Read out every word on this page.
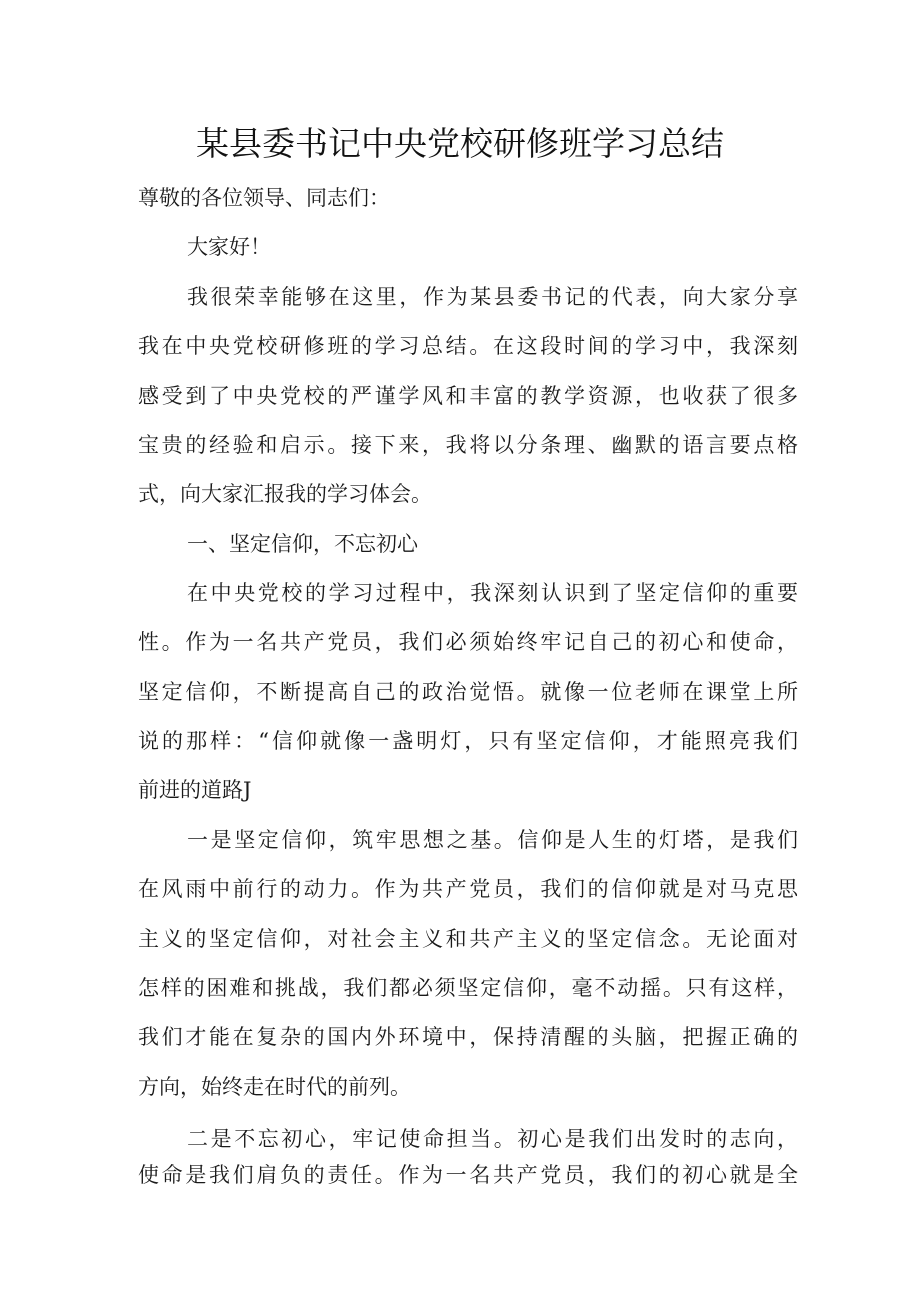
某县委书记中央党校研修班学习总结

尊敬的各位领导、同志们：

大家好！

我很荣幸能够在这里，作为某县委书记的代表，向大家分享

我在中央党校研修班的学习总结。在这段时间的学习中，我深刻

感受到了中央党校的严谨学风和丰富的教学资源，也收获了很多

宝贵的经验和启示。接下来，我将以分条理、幽默的语言要点格

式，向大家汇报我的学习体会。

一、坚定信仰，不忘初心

在中央党校的学习过程中，我深刻认识到了坚定信仰的重要

性。作为一名共产党员，我们必须始终牢记自己的初心和使命，

坚定信仰，不断提高自己的政治觉悟。就像一位老师在课堂上所

说的那样：“信仰就像一盏明灯，只有坚定信仰，才能照亮我们

前进的道路J

一是坚定信仰，筑牢思想之基。信仰是人生的灯塔，是我们

在风雨中前行的动力。作为共产党员，我们的信仰就是对马克思

主义的坚定信仰，对社会主义和共产主义的坚定信念。无论面对

怎样的困难和挑战，我们都必须坚定信仰，毫不动摇。只有这样，

我们才能在复杂的国内外环境中，保持清醒的头脑，把握正确的

方向，始终走在时代的前列。

二是不忘初心，牢记使命担当。初心是我们出发时的志向，

使命是我们肩负的责任。作为一名共产党员，我们的初心就是全
